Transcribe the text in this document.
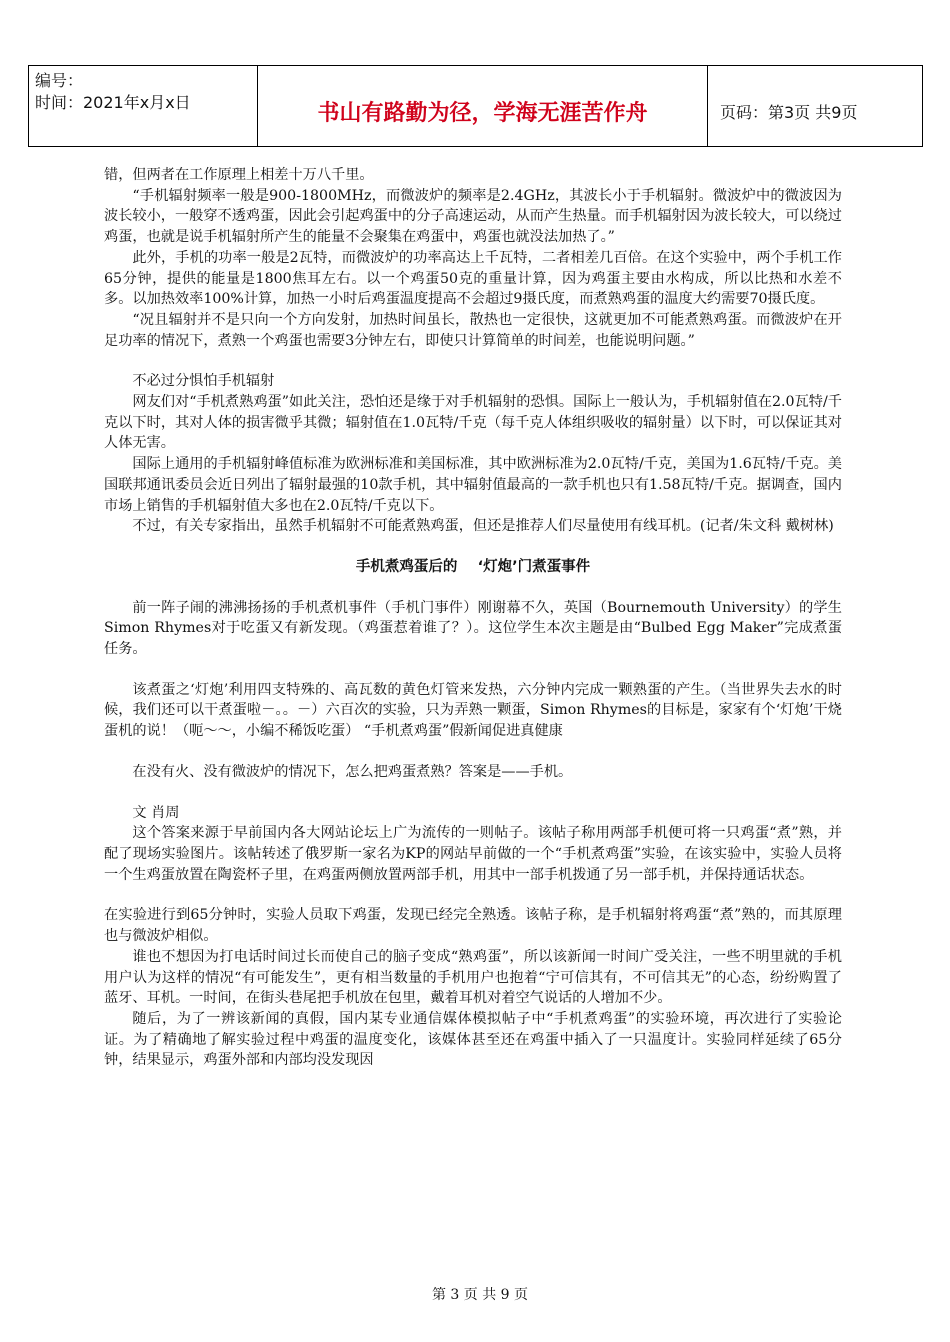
编号：
时间：2021年x月x日	书山有路勤为径，学海无涯苦作舟	页码：第3页 共9页

错，但两者在工作原理上相差十万八千里。

“手机辐射频率一般是900-1800MHz，而微波炉的频率是2.4GHz，其波长小于手机辐射。微波炉中的微波因为波长较小，一般穿不透鸡蛋，因此会引起鸡蛋中的分子高速运动，从而产生热量。而手机辐射因为波长较大，可以绕过鸡蛋，也就是说手机辐射所产生的能量不会聚集在鸡蛋中，鸡蛋也就没法加热了。”

此外，手机的功率一般是2瓦特，而微波炉的功率高达上千瓦特，二者相差几百倍。在这个实验中，两个手机工作65分钟，提供的能量是1800焦耳左右。以一个鸡蛋50克的重量计算，因为鸡蛋主要由水构成，所以比热和水差不多。以加热效率100%计算，加热一小时后鸡蛋温度提高不会超过9摄氏度，而煮熟鸡蛋的温度大约需要70摄氏度。

“况且辐射并不是只向一个方向发射，加热时间虽长，散热也一定很快，这就更加不可能煮熟鸡蛋。而微波炉在开足功率的情况下，煮熟一个鸡蛋也需要3分钟左右，即使只计算简单的时间差，也能说明问题。”

不必过分惧怕手机辐射

网友们对“手机煮熟鸡蛋”如此关注，恐怕还是缘于对手机辐射的恐惧。国际上一般认为，手机辐射值在2.0瓦特/千克以下时，其对人体的损害微乎其微；辐射值在1.0瓦特/千克（每千克人体组织吸收的辐射量）以下时，可以保证其对人体无害。

国际上通用的手机辐射峰值标准为欧洲标准和美国标准，其中欧洲标准为2.0瓦特/千克，美国为1.6瓦特/千克。美国联邦通讯委员会近日列出了辐射最强的10款手机，其中辐射值最高的一款手机也只有1.58瓦特/千克。据调查，国内市场上销售的手机辐射值大多也在2.0瓦特/千克以下。

不过，有关专家指出，虽然手机辐射不可能煮熟鸡蛋，但还是推荐人们尽量使用有线耳机。(记者/朱文科 戴树林)

手机煮鸡蛋后的    ‘灯炮’门煮蛋事件

前一阵子闹的沸沸扬扬的手机煮机事件（手机门事件）刚谢幕不久，英国（Bournemouth University）的学生Simon Rhymes对于吃蛋又有新发现。（鸡蛋惹着谁了？）。这位学生本次主题是由“Bulbed Egg Maker”完成煮蛋任务。

该煮蛋之‘灯炮’利用四支特殊的、高瓦数的黄色灯管来发热，六分钟内完成一颗熟蛋的产生。（当世界失去水的时候，我们还可以干煮蛋啦－。。－）六百次的实验，只为弄熟一颗蛋，Simon Rhymes的目标是，家家有个‘灯炮’干烧蛋机的说！（呃～～，小编不稀饭吃蛋） “手机煮鸡蛋”假新闻促进真健康

在没有火、没有微波炉的情况下，怎么把鸡蛋煮熟？答案是——手机。

文 肖周

这个答案来源于早前国内各大网站论坛上广为流传的一则帖子。该帖子称用两部手机便可将一只鸡蛋“煮”熟，并配了现场实验图片。该帖转述了俄罗斯一家名为KP的网站早前做的一个“手机煮鸡蛋”实验，在该实验中，实验人员将一个生鸡蛋放置在陶瓷杯子里，在鸡蛋两侧放置两部手机，用其中一部手机拨通了另一部手机，并保持通话状态。

在实验进行到65分钟时，实验人员取下鸡蛋，发现已经完全熟透。该帖子称，是手机辐射将鸡蛋“煮”熟的，而其原理也与微波炉相似。

谁也不想因为打电话时间过长而使自己的脑子变成“熟鸡蛋”，所以该新闻一时间广受关注，一些不明里就的手机用户认为这样的情况“有可能发生”，更有相当数量的手机用户也抱着“宁可信其有，不可信其无”的心态，纷纷购置了蓝牙、耳机。一时间，在街头巷尾把手机放在包里，戴着耳机对着空气说话的人增加不少。

随后，为了一辨该新闻的真假，国内某专业通信媒体模拟帖子中“手机煮鸡蛋”的实验环境，再次进行了实验论证。为了精确地了解实验过程中鸡蛋的温度变化，该媒体甚至还在鸡蛋中插入了一只温度计。实验同样延续了65分钟，结果显示，鸡蛋外部和内部均没发现因

第 3 页 共 9 页
